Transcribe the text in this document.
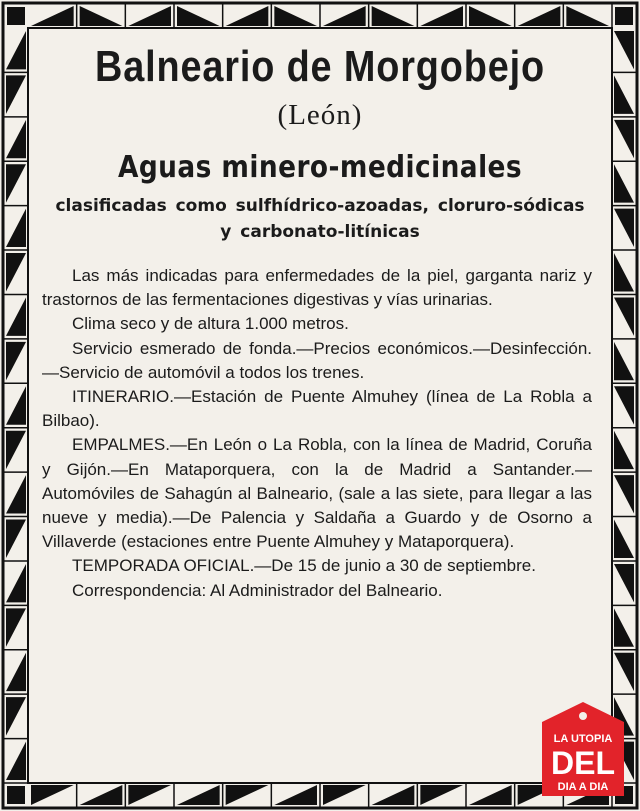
Balneario de Morgobejo
(León)
Aguas minero-medicinales
clasificadas como sulfhídrico-azoadas, cloruro-sódicas
y carbonato-litínicas

Las más indicadas para enfermedades de la piel, garganta nariz y trastornos de las fermentaciones digestivas y vías urinarias.

Clima seco y de altura 1.000 metros.

Servicio esmerado de fonda.—Precios económicos.—Desinfección.—Servicio de automóvil a todos los trenes.

ITINERARIO.—Estación de Puente Almuhey (línea de La Robla a Bilbao).

EMPALMES.—En León o La Robla, con la línea de Madrid, Coruña y Gijón.—En Mataporquera, con la de Madrid a Santander.—Automóviles de Sahagún al Balneario, (sale a las siete, para llegar a las nueve y media).—De Palencia y Saldaña a Guardo y de Osorno a Villaverde (estaciones entre Puente Almuhey y Mataporquera).

TEMPORADA OFICIAL.—De 15 de junio a 30 de septiembre.

Correspondencia: Al Administrador del Balneario.

LA UTOPIA
DEL
DIA A DIA
